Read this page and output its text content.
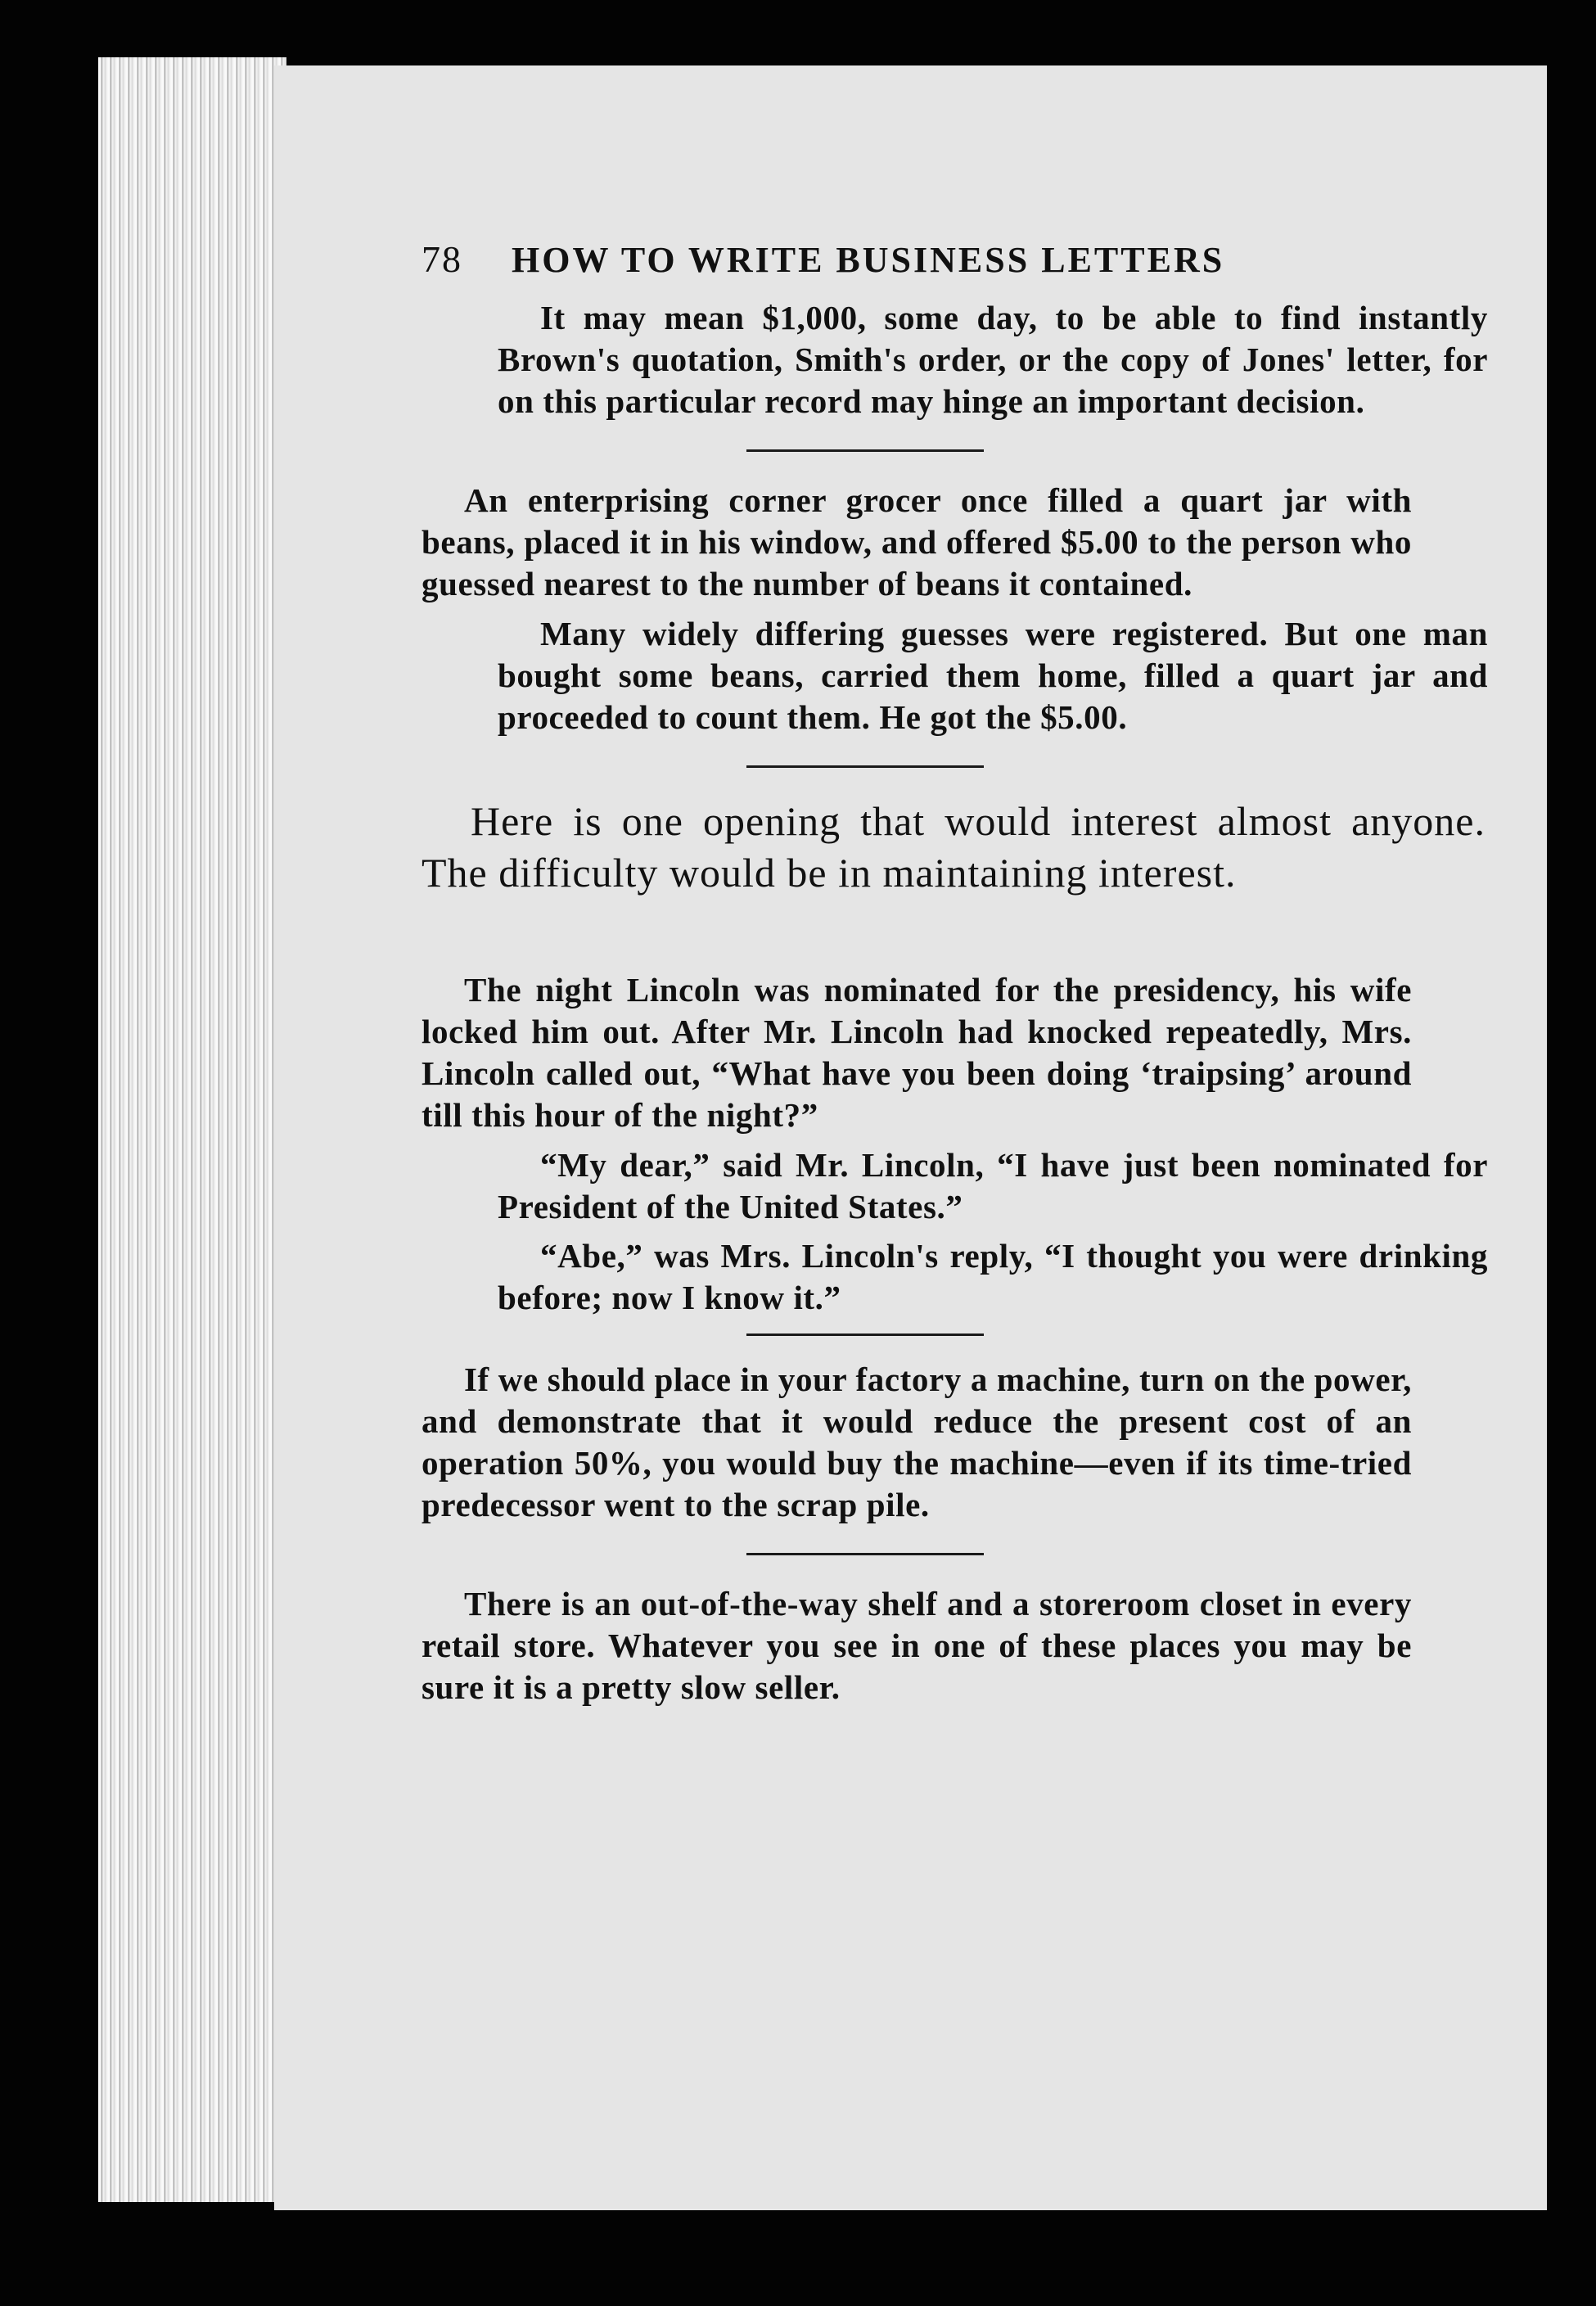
78	HOW TO WRITE BUSINESS LETTERS

It may mean $1,000, some day, to be able to find instantly Brown's quotation, Smith's order, or the copy of Jones' letter, for on this particular record may hinge an important decision.

An enterprising corner grocer once filled a quart jar with beans, placed it in his window, and offered $5.00 to the person who guessed nearest to the number of beans it contained.

Many widely differing guesses were registered. But one man bought some beans, carried them home, filled a quart jar and proceeded to count them. He got the $5.00.

Here is one opening that would interest almost anyone. The difficulty would be in maintaining interest.

The night Lincoln was nominated for the presidency, his wife locked him out. After Mr. Lincoln had knocked repeatedly, Mrs. Lincoln called out, “What have you been doing ‘traipsing’ around till this hour of the night?”

“My dear,” said Mr. Lincoln, “I have just been nominated for President of the United States.”

“Abe,” was Mrs. Lincoln's reply, “I thought you were drinking before; now I know it.”

If we should place in your factory a machine, turn on the power, and demonstrate that it would reduce the present cost of an operation 50%, you would buy the machine—even if its time-tried predecessor went to the scrap pile.

There is an out-of-the-way shelf and a storeroom closet in every retail store. Whatever you see in one of these places you may be sure it is a pretty slow seller.
